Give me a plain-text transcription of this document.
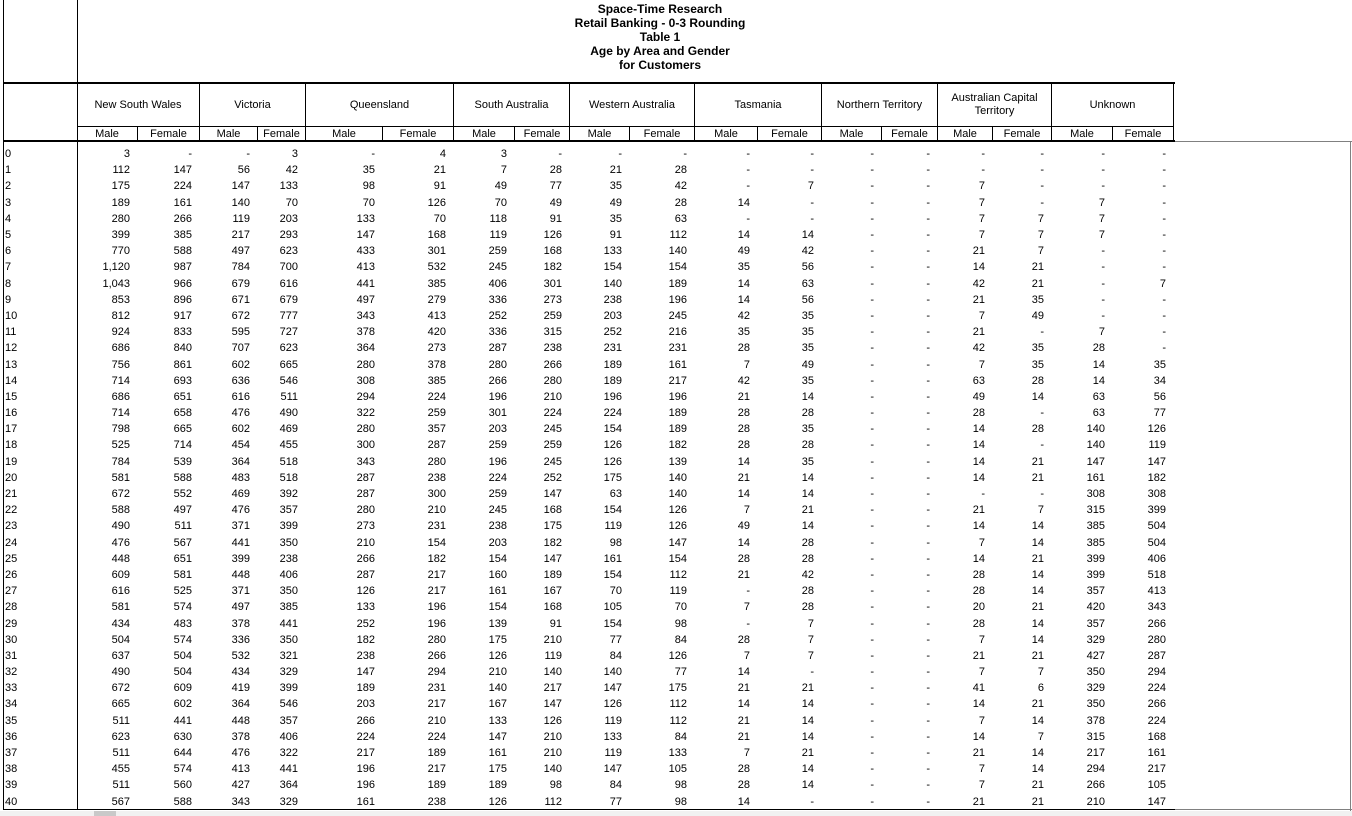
Space-Time Research
Retail Banking - 0-3 Rounding
Table 1
Age by Area and Gender
for Customers
New South Wales	Victoria	Queensland	South Australia	Western Australia	Tasmania	Northern Territory
Australian Capital Territory
Unknown
Male	Female	Male	Female	Male	Female	Male	Female	Male	Female	Male	Female	Male	Female	Male	Female	Male	Female
0	3	-	-	3	-	4	3	-	-	-	-	-	-	-	-	-	-	-
1	112	147	56	42	35	21	7	28	21	28	-	-	-	-	-	-	-	-
2	175	224	147	133	98	91	49	77	35	42	-	7	-	-	7	-	-	-
3	189	161	140	70	70	126	70	49	49	28	14	-	-	-	7	-	7	-
4	280	266	119	203	133	70	118	91	35	63	-	-	-	-	7	7	7	-
5	399	385	217	293	147	168	119	126	91	112	14	14	-	-	7	7	7	-
6	770	588	497	623	433	301	259	168	133	140	49	42	-	-	21	7	-	-
7	1,120	987	784	700	413	532	245	182	154	154	35	56	-	-	14	21	-	-
8	1,043	966	679	616	441	385	406	301	140	189	14	63	-	-	42	21	-	7
9	853	896	671	679	497	279	336	273	238	196	14	56	-	-	21	35	-	-
10	812	917	672	777	343	413	252	259	203	245	42	35	-	-	7	49	-	-
11	924	833	595	727	378	420	336	315	252	216	35	35	-	-	21	-	7	-
12	686	840	707	623	364	273	287	238	231	231	28	35	-	-	42	35	28	-
13	756	861	602	665	280	378	280	266	189	161	7	49	-	-	7	35	14	35
14	714	693	636	546	308	385	266	280	189	217	42	35	-	-	63	28	14	34
15	686	651	616	511	294	224	196	210	196	196	21	14	-	-	49	14	63	56
16	714	658	476	490	322	259	301	224	224	189	28	28	-	-	28	-	63	77
17	798	665	602	469	280	357	203	245	154	189	28	35	-	-	14	28	140	126
18	525	714	454	455	300	287	259	259	126	182	28	28	-	-	14	-	140	119
19	784	539	364	518	343	280	196	245	126	139	14	35	-	-	14	21	147	147
20	581	588	483	518	287	238	224	252	175	140	21	14	-	-	14	21	161	182
21	672	552	469	392	287	300	259	147	63	140	14	14	-	-	-	-	308	308
22	588	497	476	357	280	210	245	168	154	126	7	21	-	-	21	7	315	399
23	490	511	371	399	273	231	238	175	119	126	49	14	-	-	14	14	385	504
24	476	567	441	350	210	154	203	182	98	147	14	28	-	-	7	14	385	504
25	448	651	399	238	266	182	154	147	161	154	28	28	-	-	14	21	399	406
26	609	581	448	406	287	217	160	189	154	112	21	42	-	-	28	14	399	518
27	616	525	371	350	126	217	161	167	70	119	-	28	-	-	28	14	357	413
28	581	574	497	385	133	196	154	168	105	70	7	28	-	-	20	21	420	343
29	434	483	378	441	252	196	139	91	154	98	-	7	-	-	28	14	357	266
30	504	574	336	350	182	280	175	210	77	84	28	7	-	-	7	14	329	280
31	637	504	532	321	238	266	126	119	84	126	7	7	-	-	21	21	427	287
32	490	504	434	329	147	294	210	140	140	77	14	-	-	-	7	7	350	294
33	672	609	419	399	189	231	140	217	147	175	21	21	-	-	41	6	329	224
34	665	602	364	546	203	217	167	147	126	112	14	14	-	-	14	21	350	266
35	511	441	448	357	266	210	133	126	119	112	21	14	-	-	7	14	378	224
36	623	630	378	406	224	224	147	210	133	84	21	14	-	-	14	7	315	168
37	511	644	476	322	217	189	161	210	119	133	7	21	-	-	21	14	217	161
38	455	574	413	441	196	217	175	140	147	105	28	14	-	-	7	14	294	217
39	511	560	427	364	196	189	189	98	84	98	28	14	-	-	7	21	266	105
40	567	588	343	329	161	238	126	112	77	98	14	-	-	-	21	21	210	147
